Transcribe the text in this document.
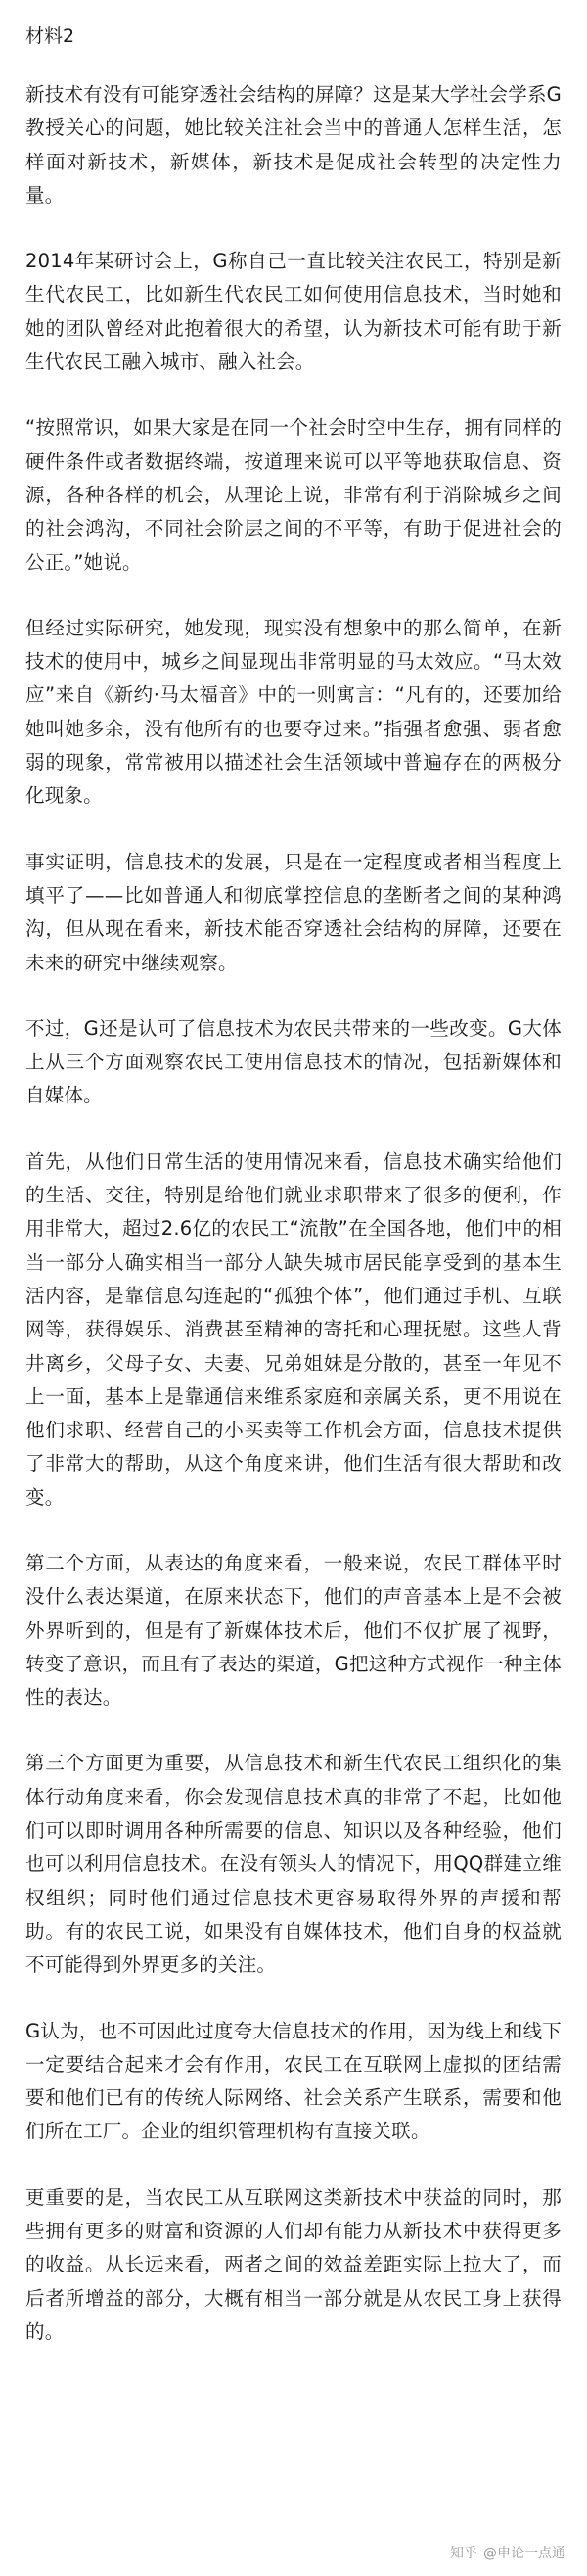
材料2

新技术有没有可能穿透社会结构的屏障？这是某大学社会学系G教授关心的问题，她比较关注社会当中的普通人怎样生活，怎样面对新技术，新媒体，新技术是促成社会转型的决定性力量。

2014年某研讨会上，G称自己一直比较关注农民工，特别是新生代农民工，比如新生代农民工如何使用信息技术，当时她和她的团队曾经对此抱着很大的希望，认为新技术可能有助于新生代农民工融入城市、融入社会。

“按照常识，如果大家是在同一个社会时空中生存，拥有同样的硬件条件或者数据终端，按道理来说可以平等地获取信息、资源，各种各样的机会，从理论上说，非常有利于消除城乡之间的社会鸿沟，不同社会阶层之间的不平等，有助于促进社会的公正。”她说。

但经过实际研究，她发现，现实没有想象中的那么简单，在新技术的使用中，城乡之间显现出非常明显的马太效应。“马太效应”来自《新约·马太福音》中的一则寓言：“凡有的，还要加给她叫她多余，没有他所有的也要夺过来。”指强者愈强、弱者愈弱的现象，常常被用以描述社会生活领域中普遍存在的两极分化现象。

事实证明，信息技术的发展，只是在一定程度或者相当程度上填平了——比如普通人和彻底掌控信息的垄断者之间的某种鸿沟，但从现在看来，新技术能否穿透社会结构的屏障，还要在未来的研究中继续观察。

不过，G还是认可了信息技术为农民共带来的一些改变。G大体上从三个方面观察农民工使用信息技术的情况，包括新媒体和自媒体。

首先，从他们日常生活的使用情况来看，信息技术确实给他们的生活、交往，特别是给他们就业求职带来了很多的便利，作用非常大，超过2.6亿的农民工“流散”在全国各地，他们中的相当一部分人确实相当一部分人缺失城市居民能享受到的基本生活内容，是靠信息勾连起的“孤独个体”，他们通过手机、互联网等，获得娱乐、消费甚至精神的寄托和心理抚慰。这些人背井离乡，父母子女、夫妻、兄弟姐妹是分散的，甚至一年见不上一面，基本上是靠通信来维系家庭和亲属关系，更不用说在他们求职、经营自己的小买卖等工作机会方面，信息技术提供了非常大的帮助，从这个角度来讲，他们生活有很大帮助和改变。

第二个方面，从表达的角度来看，一般来说，农民工群体平时没什么表达渠道，在原来状态下，他们的声音基本上是不会被外界听到的，但是有了新媒体技术后，他们不仅扩展了视野，转变了意识，而且有了表达的渠道，G把这种方式视作一种主体性的表达。

第三个方面更为重要，从信息技术和新生代农民工组织化的集体行动角度来看，你会发现信息技术真的非常了不起，比如他们可以即时调用各种所需要的信息、知识以及各种经验，他们也可以利用信息技术。在没有领头人的情况下，用QQ群建立维权组织；同时他们通过信息技术更容易取得外界的声援和帮助。有的农民工说，如果没有自媒体技术，他们自身的权益就不可能得到外界更多的关注。

G认为，也不可因此过度夸大信息技术的作用，因为线上和线下一定要结合起来才会有作用，农民工在互联网上虚拟的团结需要和他们已有的传统人际网络、社会关系产生联系，需要和他们所在工厂。企业的组织管理机构有直接关联。

更重要的是，当农民工从互联网这类新技术中获益的同时，那些拥有更多的财富和资源的人们却有能力从新技术中获得更多的收益。从长远来看，两者之间的效益差距实际上拉大了，而后者所增益的部分，大概有相当一部分就是从农民工身上获得的。

知乎 @申论一点通
